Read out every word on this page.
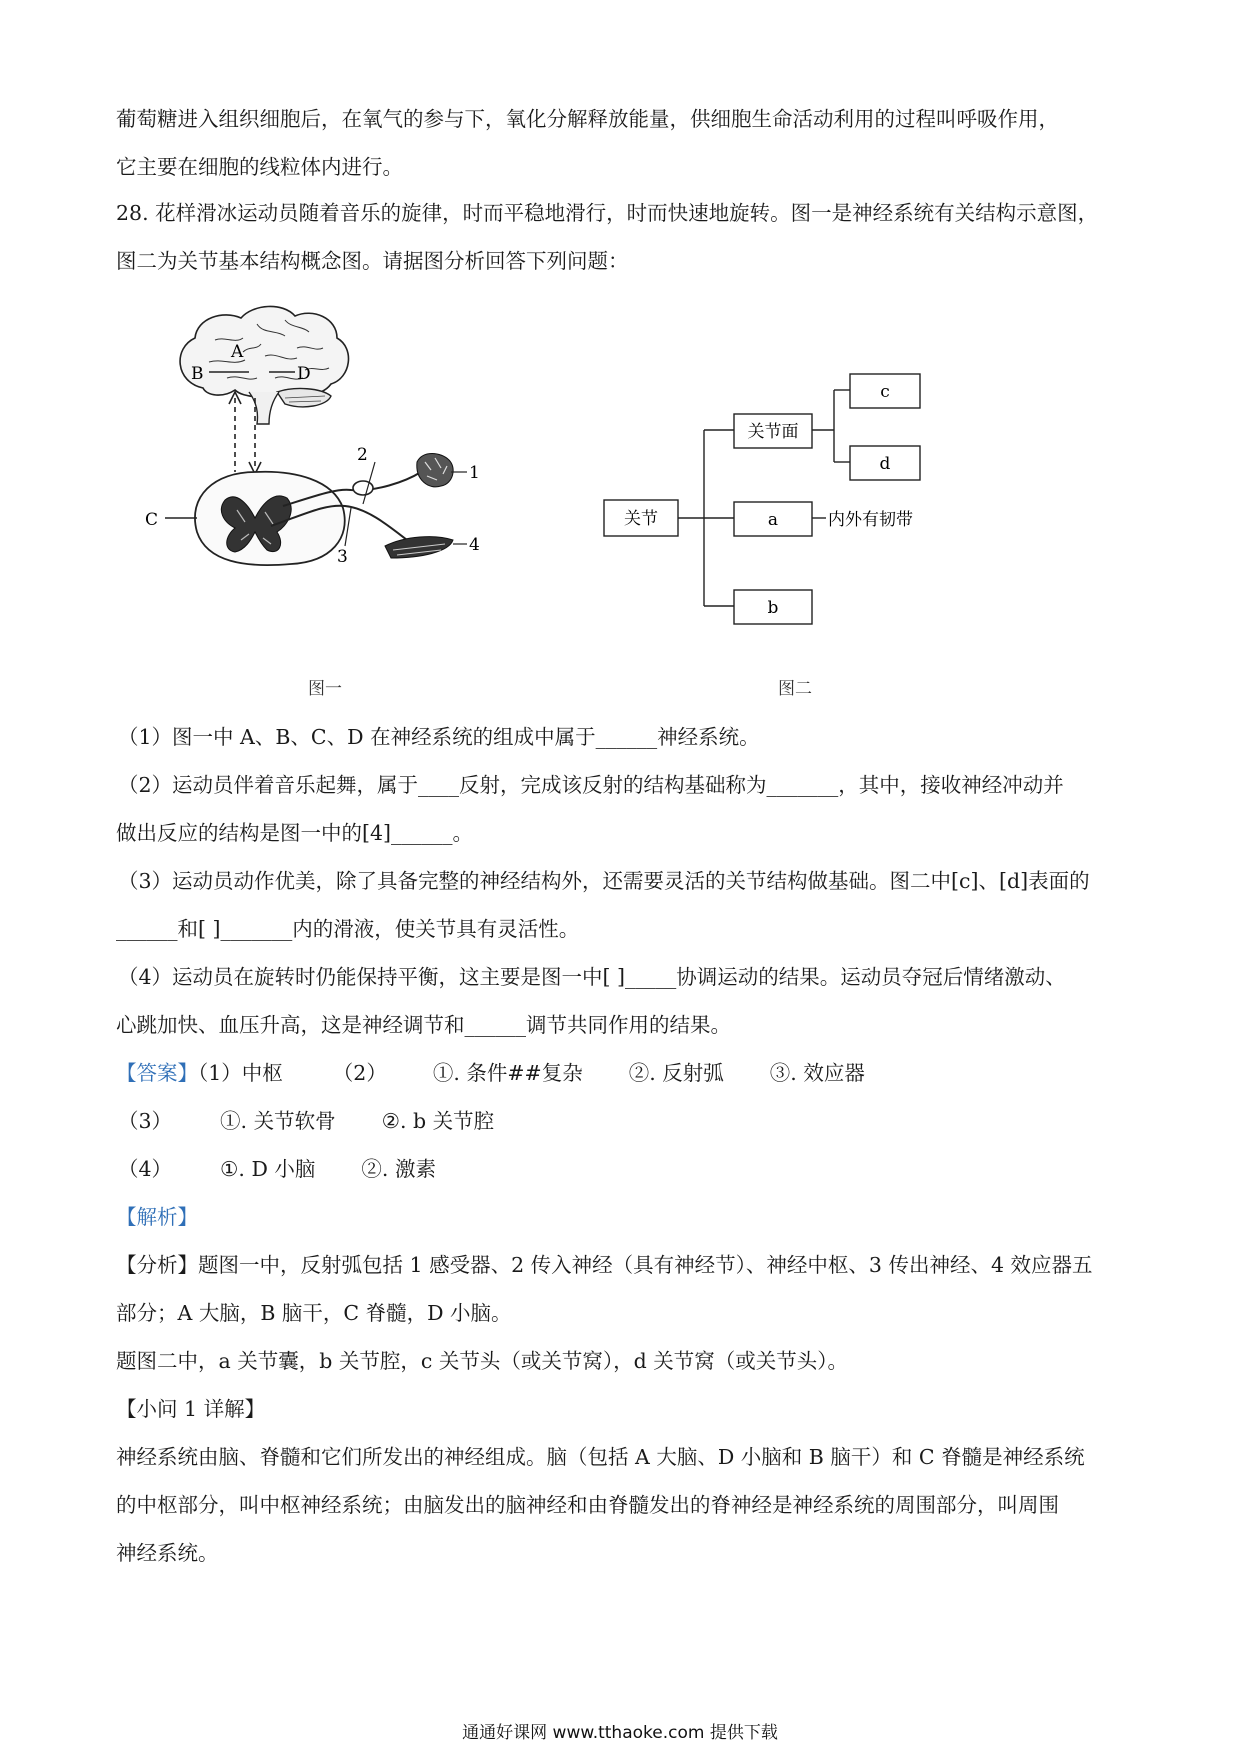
葡萄糖进入组织细胞后，在氧气的参与下，氧化分解释放能量，供细胞生命活动利用的过程叫呼吸作用，
它主要在细胞的线粒体内进行。
28. 花样滑冰运动员随着音乐的旋律，时而平稳地滑行，时而快速地旋转。图一是神经系统有关结构示意图，
图二为关节基本结构概念图。请据图分析回答下列问题：
A
B	D
C
2
1
3
4
图一
关节
关节面
c
d
a	内外有韧带
b
图二
（1）图一中 A、B、C、D 在神经系统的组成中属于______神经系统。
（2）运动员伴着音乐起舞，属于____反射，完成该反射的结构基础称为_______，其中，接收神经冲动并
做出反应的结构是图一中的[4]______。
（3）运动员动作优美，除了具备完整的神经结构外，还需要灵活的关节结构做基础。图二中[c]、[d]表面的
______和[ ]_______内的滑液，使关节具有灵活性。
（4）运动员在旋转时仍能保持平衡，这主要是图一中[ ]_____协调运动的结果。运动员夺冠后情绪激动、
心跳加快、血压升高，这是神经调节和______调节共同作用的结果。
【答案】（1）中枢 （2） ①. 条件##复杂 ②. 反射弧 ③. 效应器
（3） ①. 关节软骨 ②. b 关节腔
（4） ①. D 小脑 ②. 激素
【解析】
【分析】题图一中，反射弧包括 1 感受器、2 传入神经（具有神经节）、神经中枢、3 传出神经、4 效应器五
部分；A 大脑，B 脑干，C 脊髓，D 小脑。
题图二中，a 关节囊，b 关节腔，c 关节头（或关节窝），d 关节窝（或关节头）。
【小问 1 详解】
神经系统由脑、脊髓和它们所发出的神经组成。脑（包括 A 大脑、D 小脑和 B 脑干）和 C 脊髓是神经系统
的中枢部分，叫中枢神经系统；由脑发出的脑神经和由脊髓发出的脊神经是神经系统的周围部分，叫周围
神经系统。
通通好课网 www.tthaoke.com 提供下载
